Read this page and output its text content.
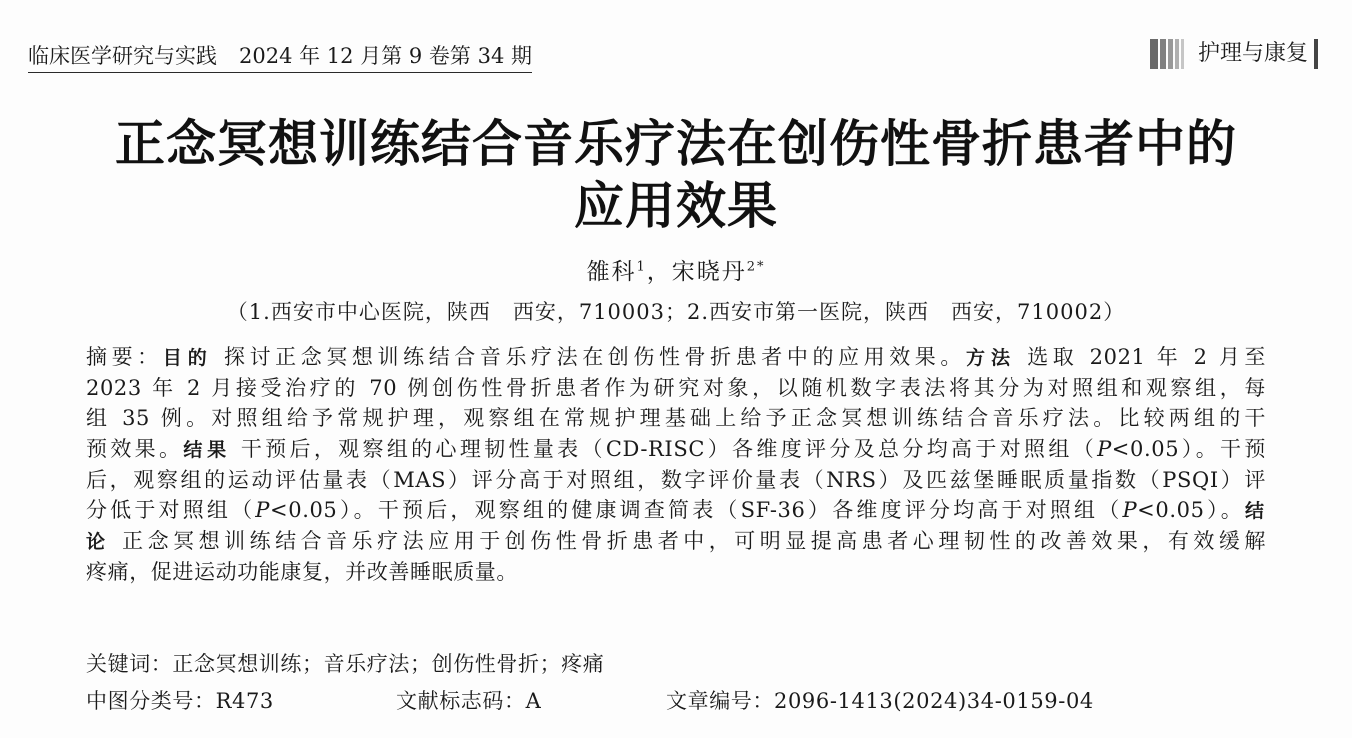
临床医学研究与实践 2024 年 12 月第 9 卷第 34 期	护理与康复
正念冥想训练结合音乐疗法在创伤性骨折患者中的
应用效果
雒科$^1$，宋晓丹$^{2*}$
（1.西安市中心医院，陕西　西安，710003；2.西安市第一医院，陕西　西安，710002）
摘要：目的 探讨正念冥想训练结合音乐疗法在创伤性骨折患者中的应用效果。方法 选取 2021 年 2 月至
2023 年 2 月接受治疗的 70 例创伤性骨折患者作为研究对象，以随机数字表法将其分为对照组和观察组，每
组 35 例。对照组给予常规护理，观察组在常规护理基础上给予正念冥想训练结合音乐疗法。比较两组的干
预效果。结果 干预后，观察组的心理韧性量表（CD-RISC）各维度评分及总分均高于对照组（P<0.05）。干预
后，观察组的运动评估量表（MAS）评分高于对照组，数字评价量表（NRS）及匹兹堡睡眠质量指数（PSQI）评
分低于对照组（P<0.05）。干预后，观察组的健康调查简表（SF-36）各维度评分均高于对照组（P<0.05）。结
论 正念冥想训练结合音乐疗法应用于创伤性骨折患者中，可明显提高患者心理韧性的改善效果，有效缓解
疼痛，促进运动功能康复，并改善睡眠质量。
关键词：正念冥想训练；音乐疗法；创伤性骨折；疼痛
中图分类号：R473	文献标志码：A	文章编号：2096-1413(2024)34-0159-04
